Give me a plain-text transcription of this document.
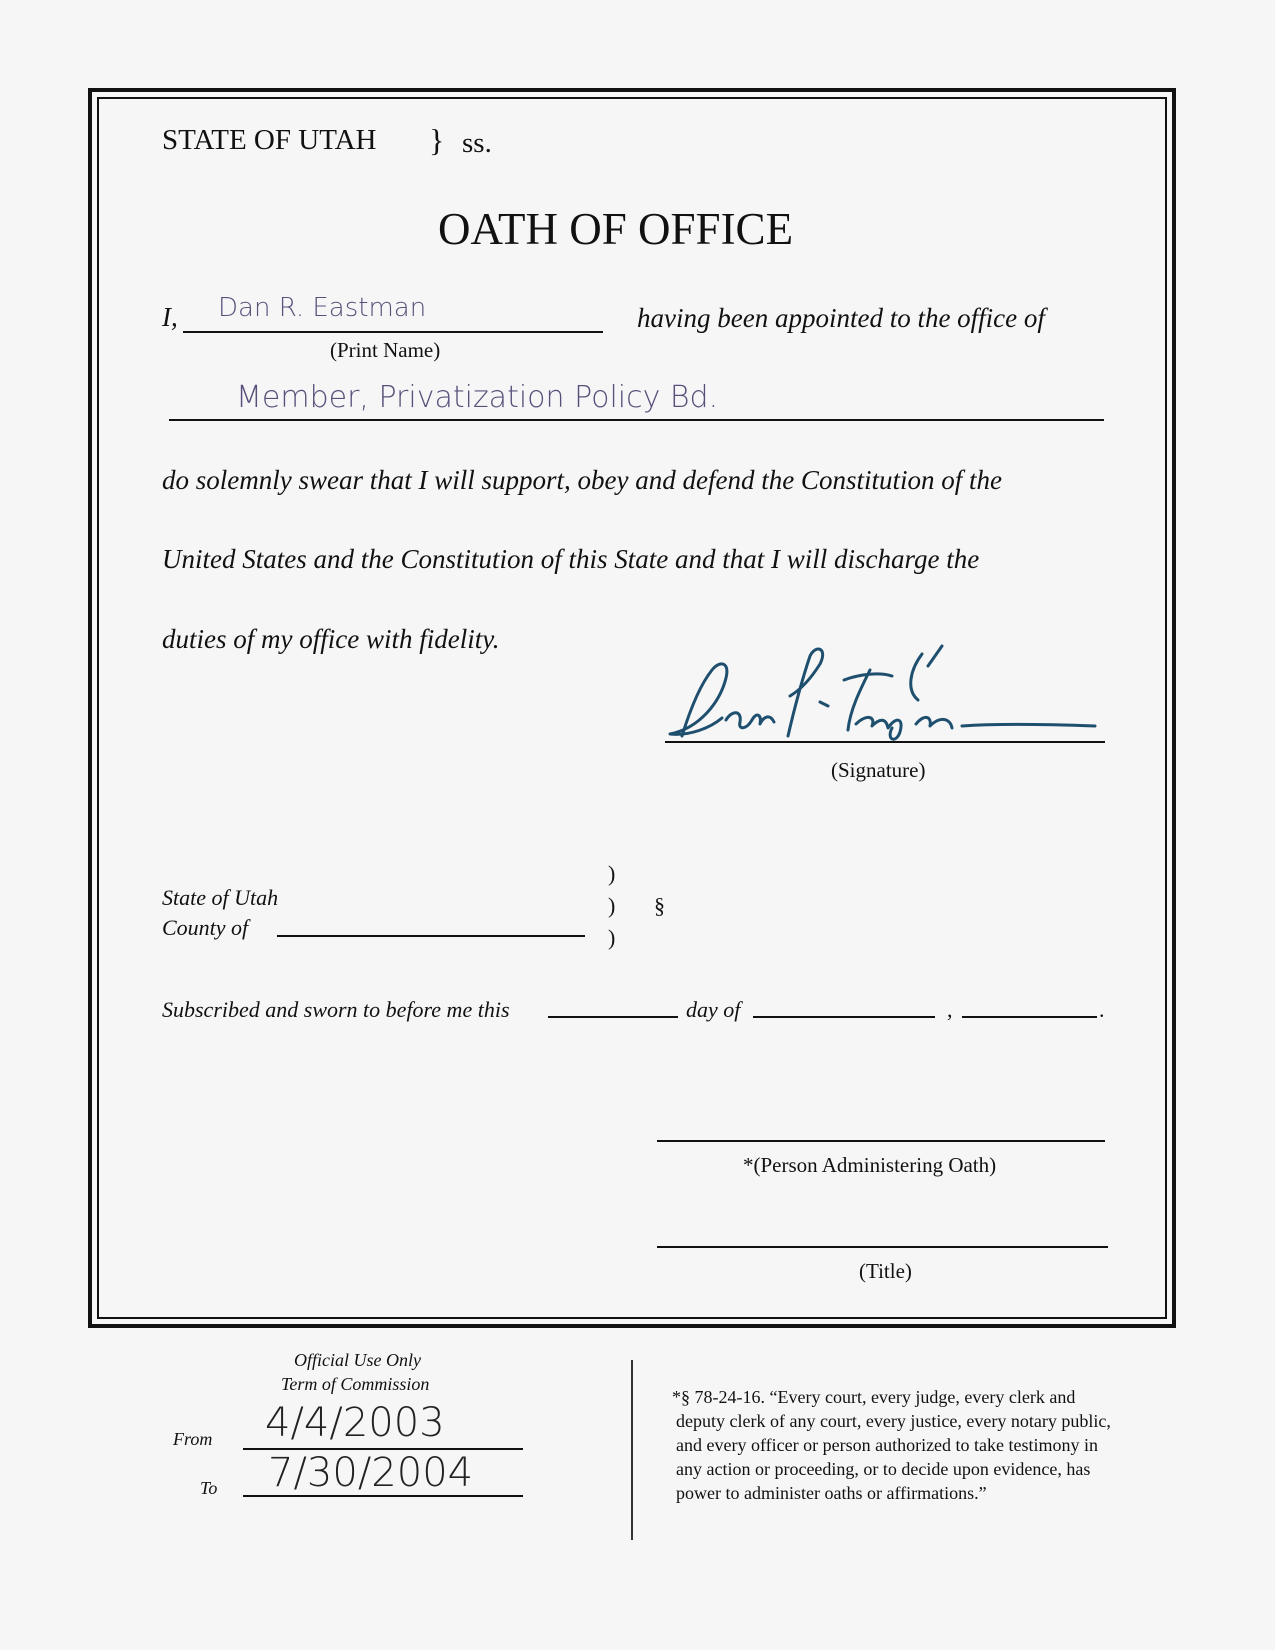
STATE OF UTAH } ss.
OATH OF OFFICE
I, Dan R. Eastman
(Print Name)
having been appointed to the office of
Member, Privatization Policy Bd.
do solemnly swear that I will support, obey and defend the Constitution of the
United States and the Constitution of this State and that I will discharge the
duties of my office with fidelity.
(Signature)
State of Utah
County of
)
)
)
§
Subscribed and sworn to before me this	day of	,	.
*(Person Administering Oath)
(Title)
Official Use Only
Term of Commission
From 4/4/2003
To 7/30/2004
*§ 78-24-16. “Every court, every judge, every clerk and
deputy clerk of any court, every justice, every notary public,
and every officer or person authorized to take testimony in
any action or proceeding, or to decide upon evidence, has
power to administer oaths or affirmations.”
